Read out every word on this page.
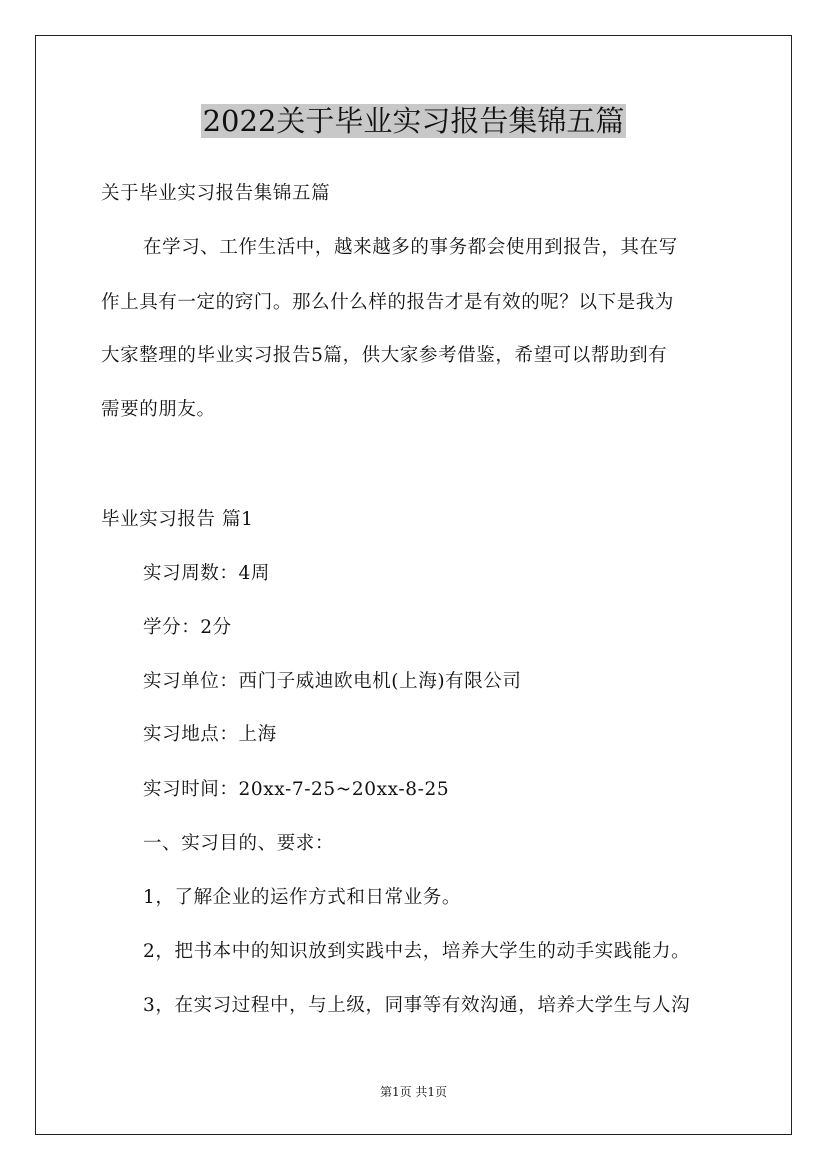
2022关于毕业实习报告集锦五篇

关于毕业实习报告集锦五篇

在学习、工作生活中，越来越多的事务都会使用到报告，其在写

作上具有一定的窍门。那么什么样的报告才是有效的呢？以下是我为

大家整理的毕业实习报告5篇，供大家参考借鉴，希望可以帮助到有

需要的朋友。

毕业实习报告 篇1

实习周数：4周

学分：2分

实习单位：西门子威迪欧电机(上海)有限公司

实习地点：上海

实习时间：20xx-7-25~20xx-8-25

一、实习目的、要求：

1，了解企业的运作方式和日常业务。

2，把书本中的知识放到实践中去，培养大学生的动手实践能力。

3，在实习过程中，与上级，同事等有效沟通，培养大学生与人沟

第1页 共1页
